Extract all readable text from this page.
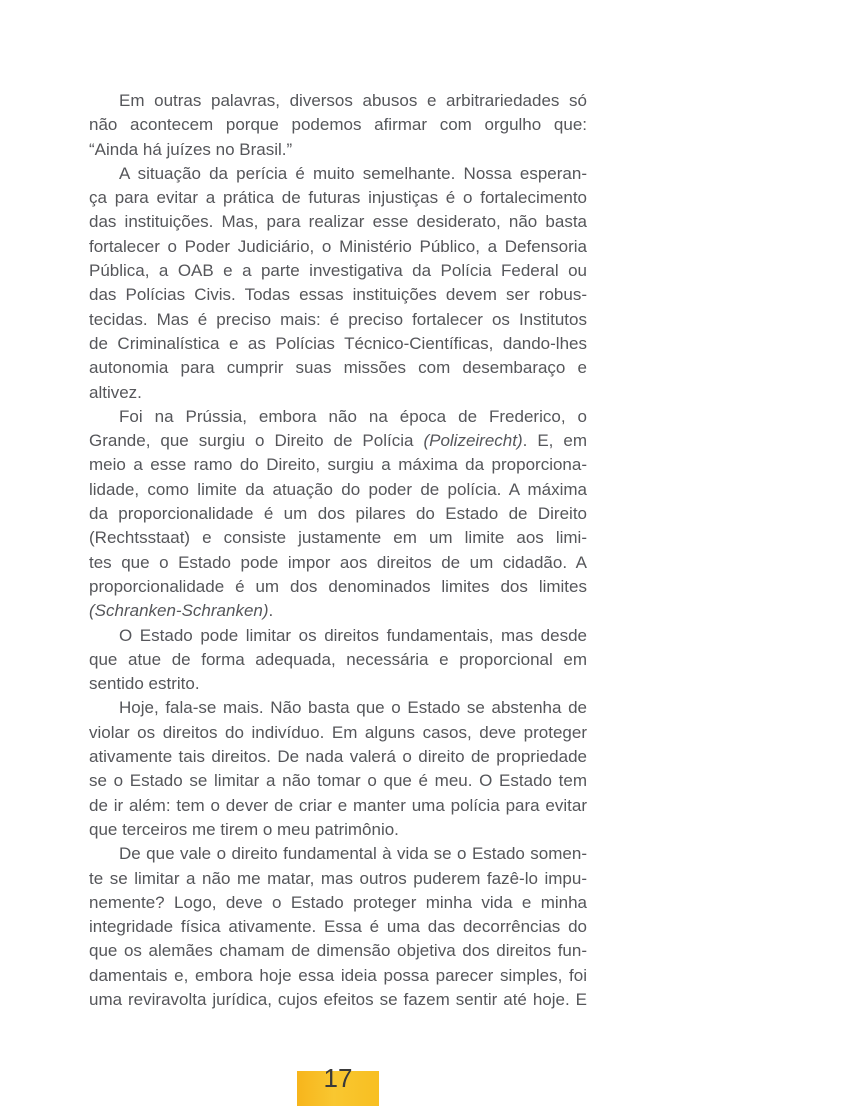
Em outras palavras, diversos abusos e arbitrariedades só
não acontecem porque podemos afirmar com orgulho que:
“Ainda há juízes no Brasil.”
A situação da perícia é muito semelhante. Nossa esperan-
ça para evitar a prática de futuras injustiças é o fortalecimento
das instituições. Mas, para realizar esse desiderato, não basta
fortalecer o Poder Judiciário, o Ministério Público, a Defensoria
Pública, a OAB e a parte investigativa da Polícia Federal ou
das Polícias Civis. Todas essas instituições devem ser robus-
tecidas. Mas é preciso mais: é preciso fortalecer os Institutos
de Criminalística e as Polícias Técnico-Científicas, dando-lhes
autonomia para cumprir suas missões com desembaraço e
altivez.
Foi na Prússia, embora não na época de Frederico, o
Grande, que surgiu o Direito de Polícia (Polizeirecht). E, em
meio a esse ramo do Direito, surgiu a máxima da proporciona-
lidade, como limite da atuação do poder de polícia. A máxima
da proporcionalidade é um dos pilares do Estado de Direito
(Rechtsstaat) e consiste justamente em um limite aos limi-
tes que o Estado pode impor aos direitos de um cidadão. A
proporcionalidade é um dos denominados limites dos limites
(Schranken-Schranken).
O Estado pode limitar os direitos fundamentais, mas desde
que atue de forma adequada, necessária e proporcional em
sentido estrito.
Hoje, fala-se mais. Não basta que o Estado se abstenha de
violar os direitos do indivíduo. Em alguns casos, deve proteger
ativamente tais direitos. De nada valerá o direito de propriedade
se o Estado se limitar a não tomar o que é meu. O Estado tem
de ir além: tem o dever de criar e manter uma polícia para evitar
que terceiros me tirem o meu patrimônio.
De que vale o direito fundamental à vida se o Estado somen-
te se limitar a não me matar, mas outros puderem fazê-lo impu-
nemente? Logo, deve o Estado proteger minha vida e minha
integridade física ativamente. Essa é uma das decorrências do
que os alemães chamam de dimensão objetiva dos direitos fun-
damentais e, embora hoje essa ideia possa parecer simples, foi
uma reviravolta jurídica, cujos efeitos se fazem sentir até hoje. E
17
